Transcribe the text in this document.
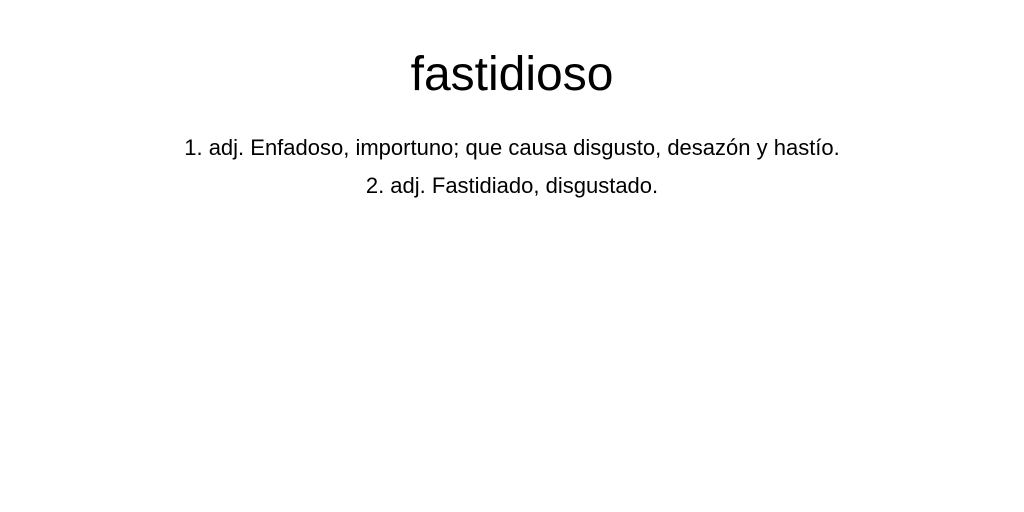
fastidioso
1. adj. Enfadoso, importuno; que causa disgusto, desazón y hastío.
2. adj. Fastidiado, disgustado.
